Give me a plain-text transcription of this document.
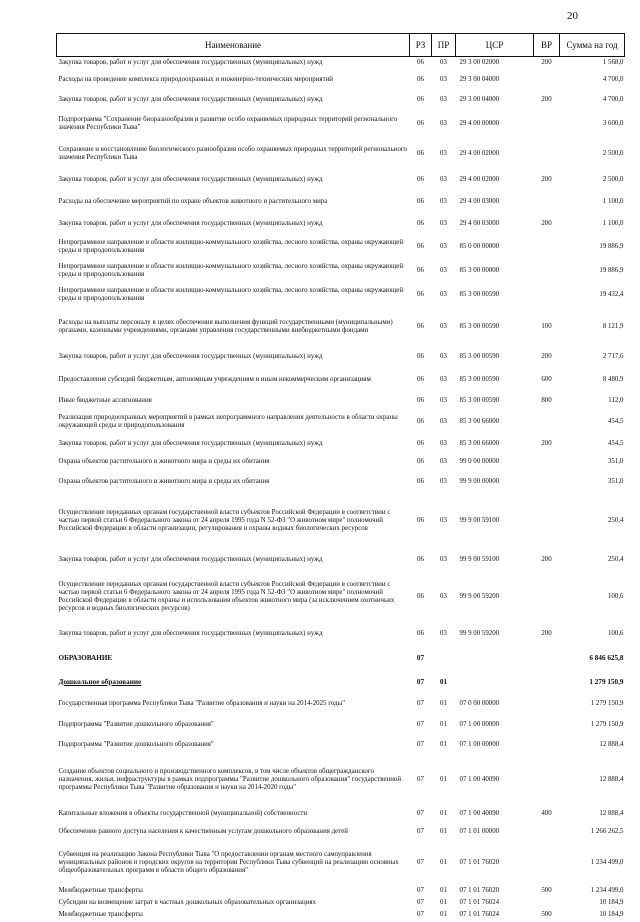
20
Наименование	РЗ	ПР	ЦСР	ВР	Сумма на год
Закупка товаров, работ и услуг для обеспечения государственных (муниципальных) нужд	06	03	29 3 00 02000	200	1 568,0
Расходы на проведение комплекса природоохранных и инженерно-технических мероприятий	06	03	29 3 00 04000		4 700,0
Закупка товаров, работ и услуг для обеспечения государственных (муниципальных) нужд	06	03	29 3 00 04000	200	4 700,0
Подпрограмма "Сохранение биоразнообразия и развитие особо охраняемых природных территорий регионального значения Республики Тыва"	06	03	29 4 00 00000		3 600,0
Сохранение и восстановление биологического разнообразия особо охраняемых природных территорий регионального значения Республики Тыва	06	03	29 4 00 02000		2 500,0
Закупка товаров, работ и услуг для обеспечения государственных (муниципальных) нужд	06	03	29 4 00 02000	200	2 500,0
Расходы на обеспечение мероприятий по охране объектов животного и растительного мира	06	03	29 4 00 03000		1 100,0
Закупка товаров, работ и услуг для обеспечения государственных (муниципальных) нужд	06	03	29 4 00 03000	200	1 100,0
Непрограммное направление в области жилищно-коммунального хозяйства, лесного хозяйства, охраны окружающей среды и природопользования	06	03	85 0 00 00000		19 886,9
Непрограммное направление в области жилищно-коммунального хозяйства, лесного хозяйства, охраны окружающей среды и природопользования	06	03	85 3 00 00000		19 886,9
Непрограммное направление в области жилищно-коммунального хозяйства, лесного хозяйства, охраны окружающей среды и природопользования	06	03	85 3 00 00590		19 432,4
Расходы на выплаты персоналу в целях обеспечения выполнения функций государственными (муниципальными) органами, казенными учреждениями, органами управления государственными внебюджетными фондами	06	03	85 3 00 00590	100	8 121,9
Закупка товаров, работ и услуг для обеспечения государственных (муниципальных) нужд	06	03	85 3 00 00590	200	2 717,6
Предоставление субсидий бюджетным, автономным учреждениям и иным некоммерческим организациям	06	03	85 3 00 00590	600	8 480,9
Иные бюджетные ассигнования	06	03	85 3 00 00590	800	112,0
Реализация природоохранных мероприятий в рамках непрограммного направления деятельности в области охраны окружающей среды и природопользования	06	03	85 3 00 66000		454,5
Закупка товаров, работ и услуг для обеспечения государственных (муниципальных) нужд	06	03	85 3 00 66000	200	454,5
Охрана объектов растительного и животного мира и среды их обитания	06	03	99 0 00 00000		351,0
Охрана объектов растительного и животного мира и среды их обитания	06	03	99 9 00 00000		351,0
Осуществление переданных органам государственной власти субъектов Российской Федерации в соответствии с частью первой статьи 6 Федерального закона от 24 апреля 1995 года N 52-ФЗ "О животном мире" полномочий Российской Федерации в области организации, регулирования и охраны водных биологических ресурсов	06	03	99 9 00 59100		250,4
Закупка товаров, работ и услуг для обеспечения государственных (муниципальных) нужд	06	03	99 9 00 59100	200	250,4
Осуществление переданных органам государственной власти субъектов Российской Федерации в соответствии с частью первой статьи 6 Федерального закона от 24 апреля 1995 года N 52-ФЗ "О животном мире" полномочий Российской Федерации в области охраны и использования объектов животного мира (за исключением охотничьих ресурсов и водных биологических ресурсов)	06	03	99 9 00 59200		100,6
Закупка товаров, работ и услуг для обеспечения государственных (муниципальных) нужд	06	03	99 9 00 59200	200	100,6
ОБРАЗОВАНИЕ	07				6 846 625,8
Дошкольное образование	07	01			1 279 150,9
Государственная программа Республики Тыва "Развитие образования и науки на 2014-2025 годы"	07	01	07 0 00 00000		1 279 150,9
Подпрограмма "Развитие дошкольного образования"	07	01	07 1 00 00000		1 279 150,9
Подпрограмма "Развитие дошкольного образования"	07	01	07 1 00 00000		12 888,4
Создание объектов социального и производственного комплексов, в том числе объектов общегражданского назначения, жилья, инфраструктуры в рамках подпрограммы "Развитие дошкольного образования" государственной программы Республики Тыва "Развитие образования и науки на 2014-2020 годы"	07	01	07 1 00 40090		12 888,4
Капитальные вложения в объекты государственной (муниципальной) собственности	07	01	07 1 00 40090	400	12 888,4
Обеспечение равного доступа населения к качественным услугам дошкольного образования детей	07	01	07 1 01 00000		1 266 262,5
Субвенция на реализацию Закона Республики Тыва "О предоставлении органам местного самоуправления муниципальных районов и городских округов на территории Республики Тыва субвенций на реализацию основных общеобразовательных программ в области общего образования"	07	01	07 1 01 76020		1 234 499,0
Межбюджетные трансферты	07	01	07 1 01 76020	500	1 234 499,0
Субсидии на возмещение затрат в частных дошкольных образовательных организациях	07	01	07 1 01 76024		10 184,9
Межбюджетные трансферты	07	01	07 1 01 76024	500	10 184,9
